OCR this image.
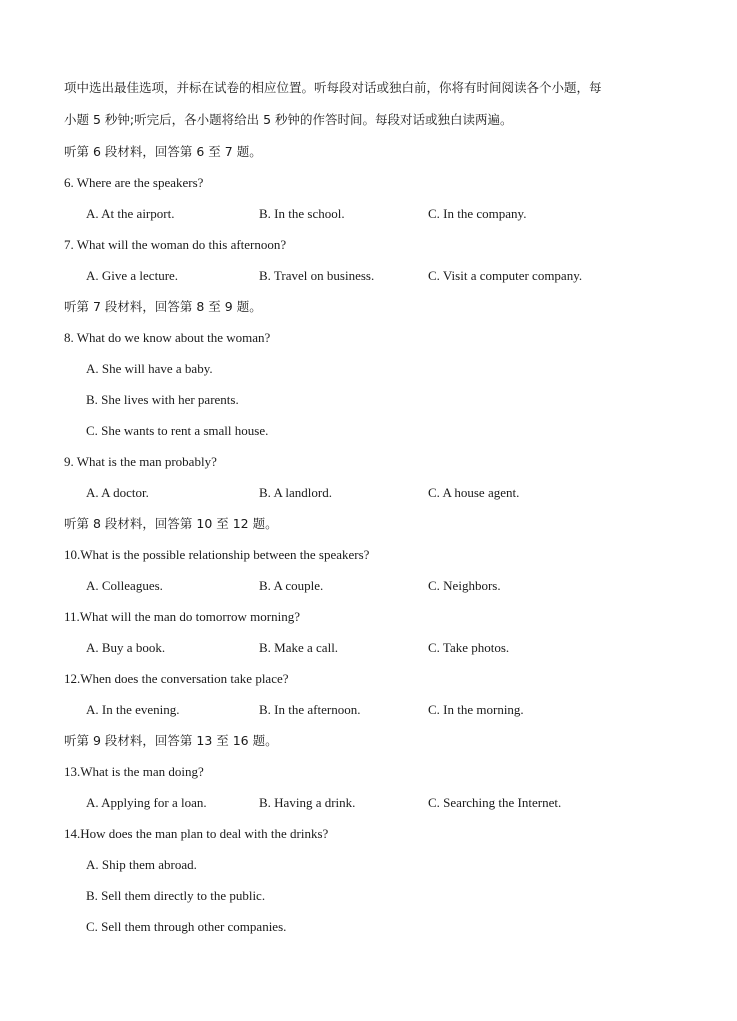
项中选出最佳选项，并标在试卷的相应位置。听每段对话或独白前，你将有时间阅读各个小题，每
小题 5 秒钟;听完后，各小题将给出 5 秒钟的作答时间。每段对话或独白读两遍。
听第 6 段材料，回答第 6 至 7 题。
6. Where are the speakers?
A. At the airport.	B. In the school.	C. In the company.
7. What will the woman do this afternoon?
A. Give a lecture.	B. Travel on business.	C. Visit a computer company.
听第 7 段材料，回答第 8 至 9 题。
8. What do we know about the woman?
A. She will have a baby.
B. She lives with her parents.
C. She wants to rent a small house.
9. What is the man probably?
A. A doctor.	B. A landlord.	C. A house agent.
听第 8 段材料，回答第 10 至 12 题。
10.What is the possible relationship between the speakers?
A. Colleagues.	B. A couple.	C. Neighbors.
11.What will the man do tomorrow morning?
A. Buy a book.	B. Make a call.	C. Take photos.
12.When does the conversation take place?
A. In the evening.	B. In the afternoon.	C. In the morning.
听第 9 段材料，回答第 13 至 16 题。
13.What is the man doing?
A. Applying for a loan.	B. Having a drink.	C. Searching the Internet.
14.How does the man plan to deal with the drinks?
A. Ship them abroad.
B. Sell them directly to the public.
C. Sell them through other companies.
